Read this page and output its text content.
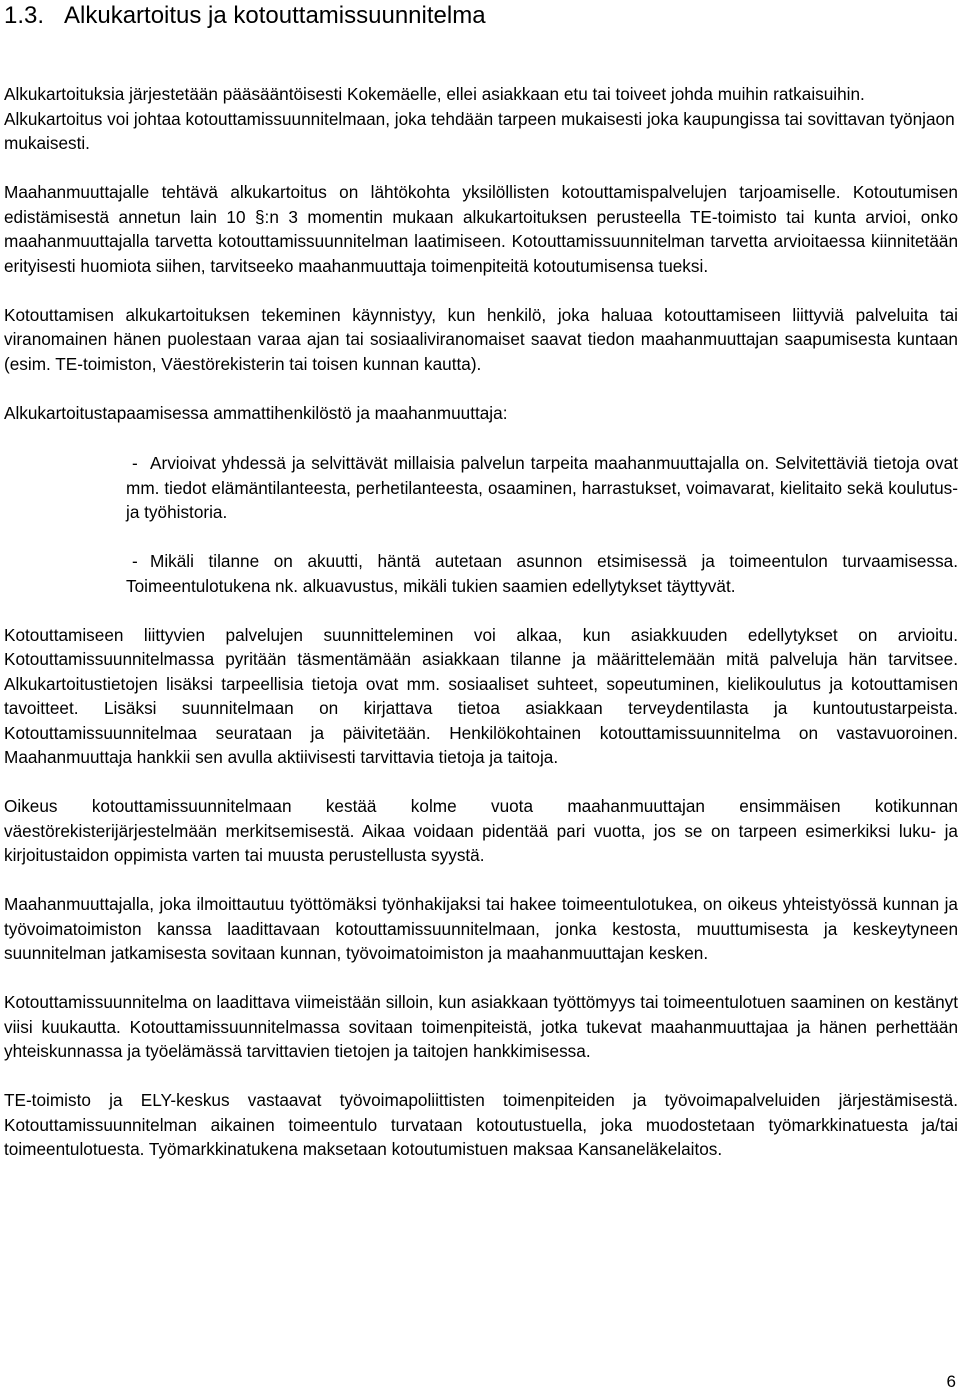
1.3. Alkukartoitus ja kotouttamissuunnitelma

Alkukartoituksia järjestetään pääsääntöisesti Kokemäelle, ellei asiakkaan etu tai toiveet johda muihin ratkaisuihin. Alkukartoitus voi johtaa kotouttamissuunnitelmaan, joka tehdään tarpeen mukaisesti joka kaupungissa tai sovittavan työnjaon mukaisesti.

Maahanmuuttajalle tehtävä alkukartoitus on lähtökohta yksilöllisten kotouttamispalvelujen tarjoamiselle. Kotoutumisen edistämisestä annetun lain 10 §:n 3 momentin mukaan alkukartoituksen perusteella TE-toimisto tai kunta arvioi, onko maahanmuuttajalla tarvetta kotouttamissuunnitelman laatimiseen. Kotouttamissuunnitelman tarvetta arvioitaessa kiinnitetään erityisesti huomiota siihen, tarvitseeko maahanmuuttaja toimenpiteitä kotoutumisensa tueksi.

Kotouttamisen alkukartoituksen tekeminen käynnistyy, kun henkilö, joka haluaa kotouttamiseen liittyviä palveluita tai viranomainen hänen puolestaan varaa ajan tai sosiaaliviranomaiset saavat tiedon maahanmuuttajan saapumisesta kuntaan (esim. TE-toimiston, Väestörekisterin tai toisen kunnan kautta).

Alkukartoitustapaamisessa ammattihenkilöstö ja maahanmuuttaja:

- Arvioivat yhdessä ja selvittävät millaisia palvelun tarpeita maahanmuuttajalla on. Selvitettäviä tietoja ovat mm. tiedot elämäntilanteesta, perhetilanteesta, osaaminen, harrastukset, voimavarat, kielitaito sekä koulutus- ja työhistoria.
- Mikäli tilanne on akuutti, häntä autetaan asunnon etsimisessä ja toimeentulon turvaamisessa. Toimeentulotukena nk. alkuavustus, mikäli tukien saamien edellytykset täyttyvät.

Kotouttamiseen liittyvien palvelujen suunnitteleminen voi alkaa, kun asiakkuuden edellytykset on arvioitu. Kotouttamissuunnitelmassa pyritään täsmentämään asiakkaan tilanne ja määrittelemään mitä palveluja hän tarvitsee. Alkukartoitustietojen lisäksi tarpeellisia tietoja ovat mm. sosiaaliset suhteet, sopeutuminen, kielikoulutus ja kotouttamisen tavoitteet. Lisäksi suunnitelmaan on kirjattava tietoa asiakkaan terveydentilasta ja kuntoutustarpeista. Kotouttamissuunnitelmaa seurataan ja päivitetään. Henkilökohtainen kotouttamissuunnitelma on vastavuoroinen. Maahanmuuttaja hankkii sen avulla aktiivisesti tarvittavia tietoja ja taitoja.

Oikeus kotouttamissuunnitelmaan kestää kolme vuota maahanmuuttajan ensimmäisen kotikunnan väestörekisterijärjestelmään merkitsemisestä. Aikaa voidaan pidentää pari vuotta, jos se on tarpeen esimerkiksi luku- ja kirjoitustaidon oppimista varten tai muusta perustellusta syystä.

Maahanmuuttajalla, joka ilmoittautuu työttömäksi työnhakijaksi tai hakee toimeentulotukea, on oikeus yhteistyössä kunnan ja työvoimatoimiston kanssa laadittavaan kotouttamissuunnitelmaan, jonka kestosta, muuttumisesta ja keskeytyneen suunnitelman jatkamisesta sovitaan kunnan, työvoimatoimiston ja maahanmuuttajan kesken.

Kotouttamissuunnitelma on laadittava viimeistään silloin, kun asiakkaan työttömyys tai toimeentulotuen saaminen on kestänyt viisi kuukautta. Kotouttamissuunnitelmassa sovitaan toimenpiteistä, jotka tukevat maahanmuuttajaa ja hänen perhettään yhteiskunnassa ja työelämässä tarvittavien tietojen ja taitojen hankkimisessa.

TE-toimisto ja ELY-keskus vastaavat työvoimapoliittisten toimenpiteiden ja työvoimapalveluiden järjestämisestä. Kotouttamissuunnitelman aikainen toimeentulo turvataan kotoutustuella, joka muodostetaan työmarkkinatuesta ja/tai toimeentulotuesta. Työmarkkinatukena maksetaan kotoutumistuen maksaa Kansaneläkelaitos.

6
